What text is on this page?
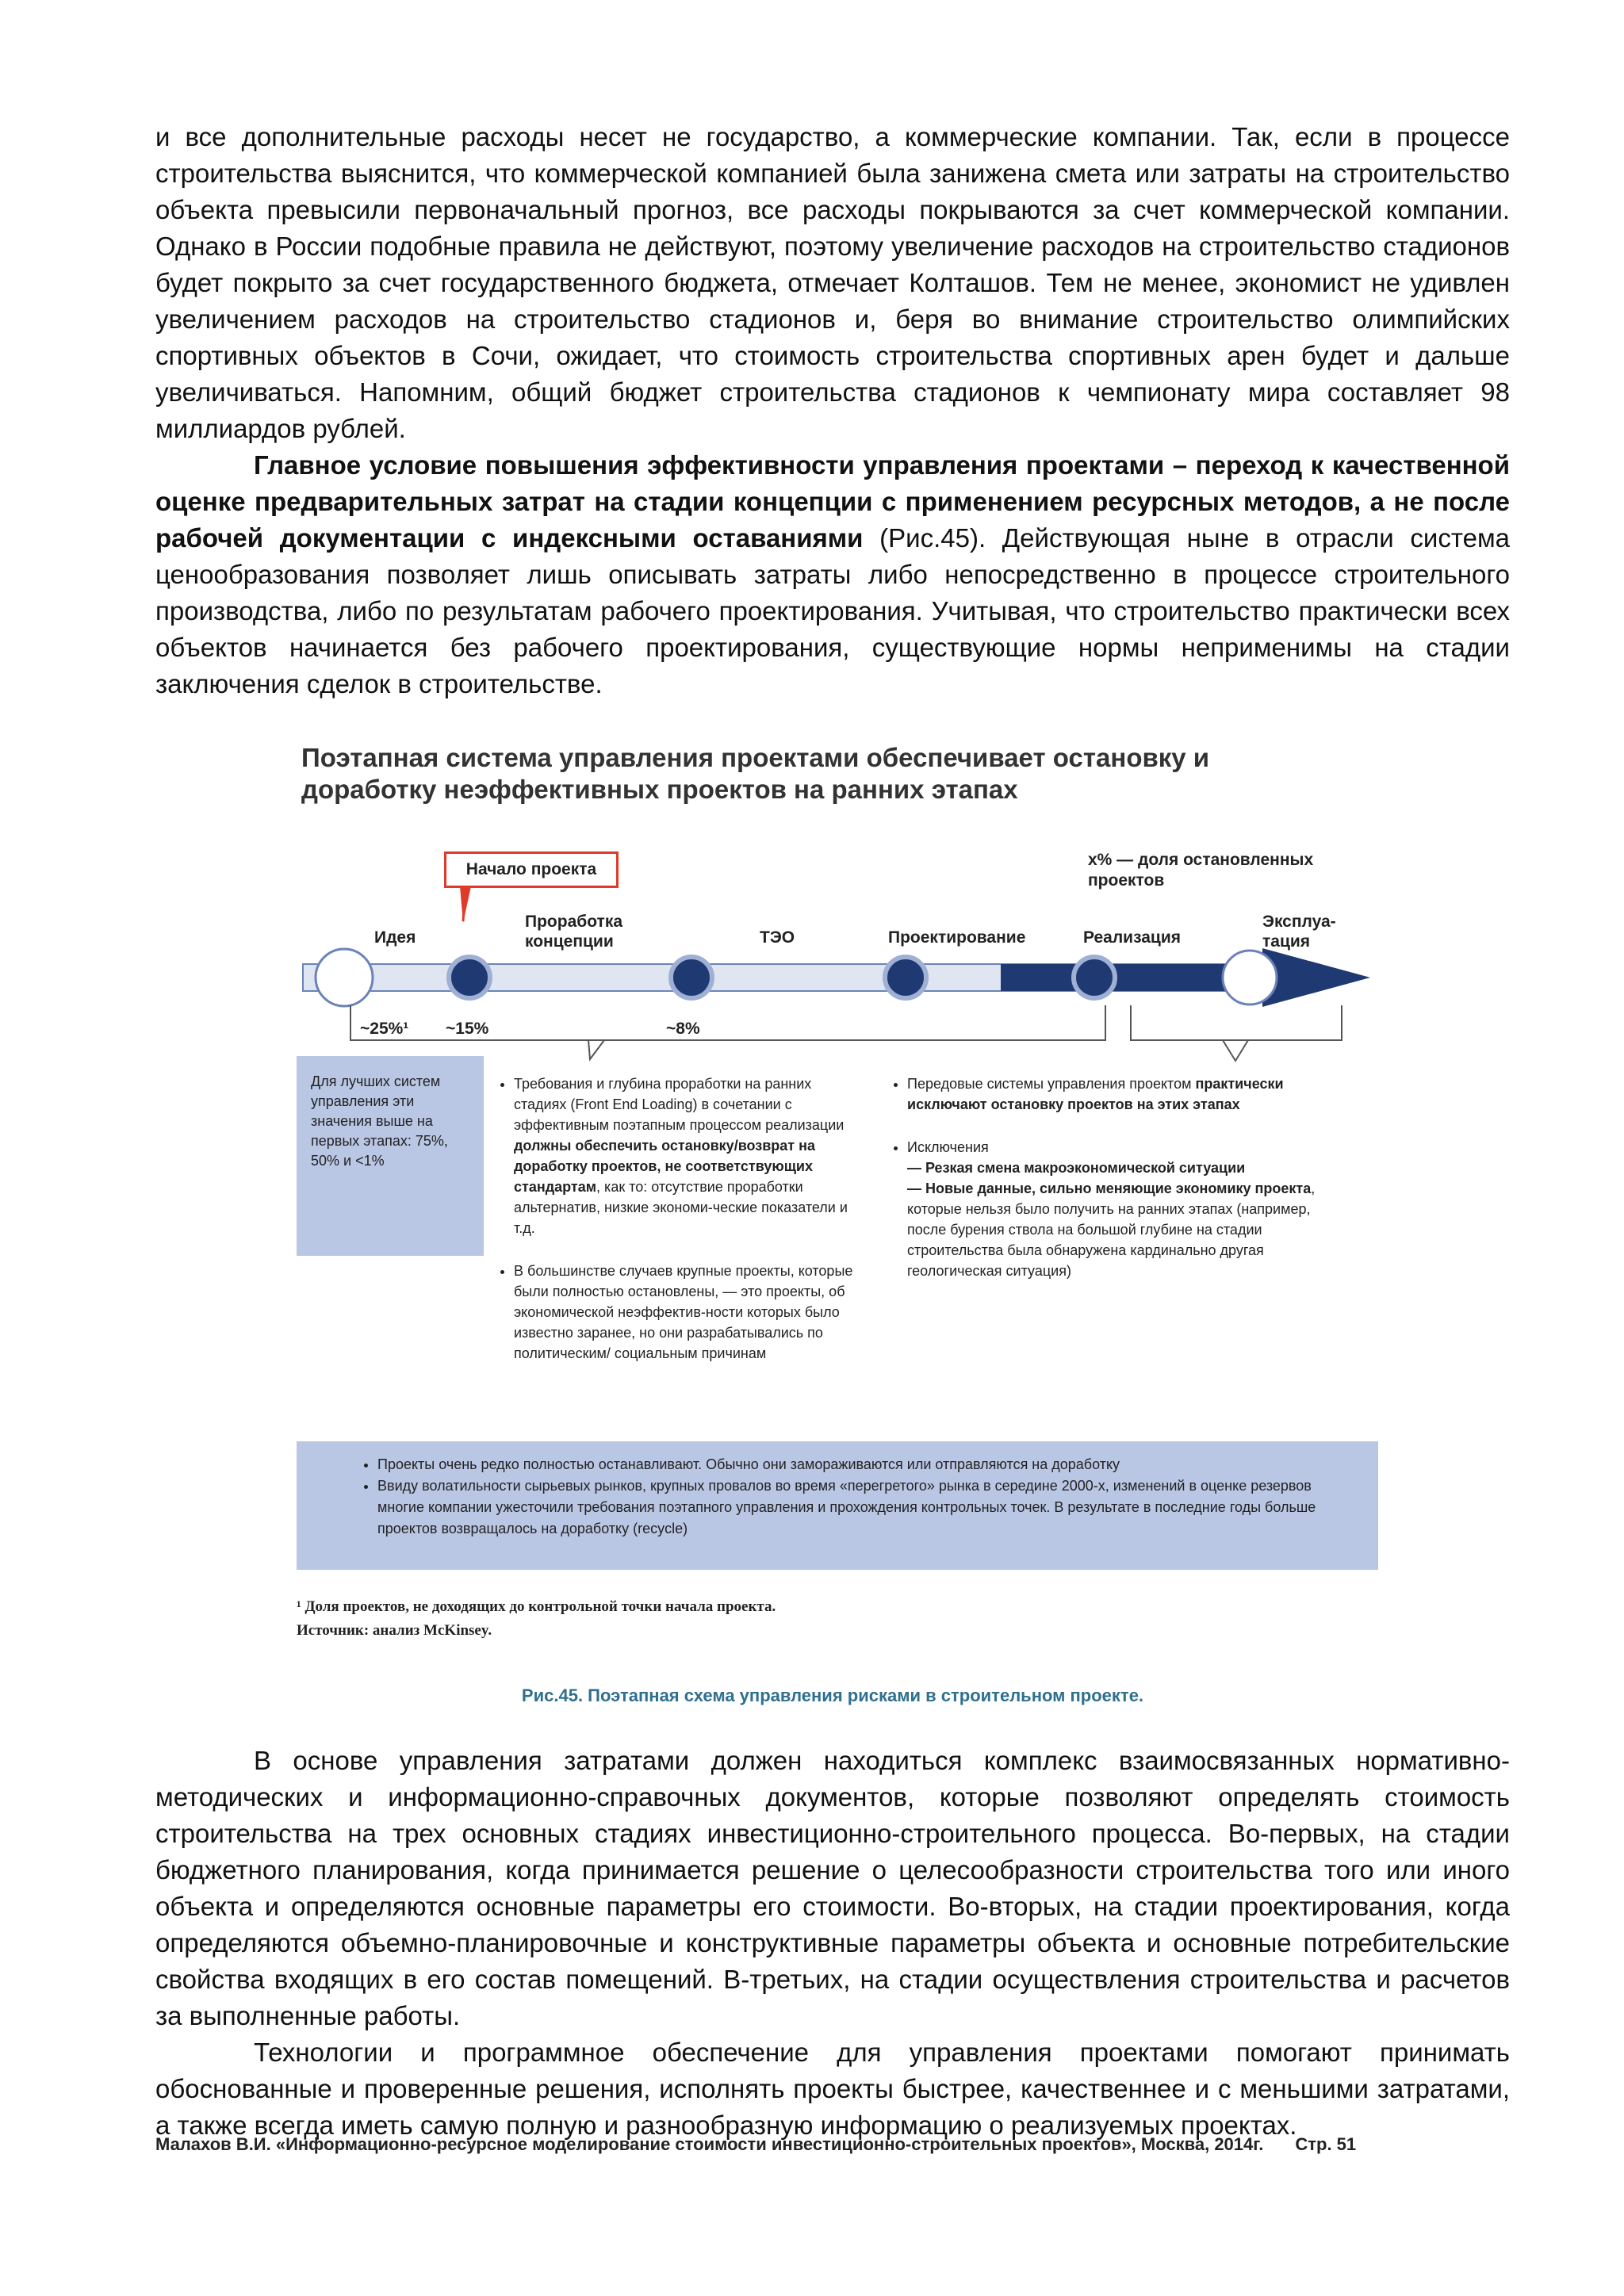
и все дополнительные расходы несет не государство, а коммерческие компании. Так, если в процессе строительства выяснится, что коммерческой компанией была занижена смета или затраты на строительство объекта превысили первоначальный прогноз, все расходы покрываются за счет коммерческой компании. Однако в России подобные правила не действуют, поэтому увеличение расходов на строительство стадионов будет покрыто за счет государственного бюджета, отмечает Колташов. Тем не менее, экономист не удивлен увеличением расходов на строительство стадионов и, беря во внимание строительство олимпийских спортивных объектов в Сочи, ожидает, что стоимость строительства спортивных арен будет и дальше увеличиваться. Напомним, общий бюджет строительства стадионов к чемпионату мира составляет 98 миллиардов рублей.

Главное условие повышения эффективности управления проектами – переход к качественной оценке предварительных затрат на стадии концепции с применением ресурсных методов, а не после рабочей документации с индексными оставаниями (Рис.45). Действующая ныне в отрасли система ценообразования позволяет лишь описывать затраты либо непосредственно в процессе строительного производства, либо по результатам рабочего проектирования. Учитывая, что строительство практически всех объектов начинается без рабочего проектирования, существующие нормы неприменимы на стадии заключения сделок в строительстве.

Поэтапная система управления проектами обеспечивает остановку и доработку неэффективных проектов на ранних этапах
x% — доля остановленных проектов
Начало проекта
Идея
Проработка концепции	ТЭО	Проектирование	Реализация
Эксплуа-тация
~25%¹ ~15%	~8%
Для лучших систем управления эти значения выше на первых этапах: 75%, 50% и <1%
• Требования и глубина проработки на ранних стадиях (Front End Loading) в сочетании с эффективным поэтапным процессом реализации должны обеспечить остановку/возврат на доработку проектов, не соответствующих стандартам, как то: отсутствие проработки альтернатив, низкие экономи-ческие показатели и т.д.
• В большинстве случаев крупные проекты, которые были полностью остановлены, — это проекты, об экономической неэффектив-ности которых было известно заранее, но они разрабатывались по политическим/ социальным причинам
• Передовые системы управления проектом практически исключают остановку проектов на этих этапах
• Исключения
— Резкая смена макроэкономической ситуации
— Новые данные, сильно меняющие экономику проекта, которые нельзя было получить на ранних этапах (например, после бурения ствола на большой глубине на стадии строительства была обнаружена кардинально другая геологическая ситуация)
• Проекты очень редко полностью останавливают. Обычно они замораживаются или отправляются на доработку
• Ввиду волатильности сырьевых рынков, крупных провалов во время «перегретого» рынка в середине 2000-х, изменений в оценке резервов многие компании ужесточили требования поэтапного управления и прохождения контрольных точек. В результате в последние годы больше проектов возвращалось на доработку (recycle)
¹ Доля проектов, не доходящих до контрольной точки начала проекта.
Источник: анализ McKinsey.
Рис.45. Поэтапная схема управления рисками в строительном проекте.

В основе управления затратами должен находиться комплекс взаимосвязанных нормативно-методических и информационно-справочных документов, которые позволяют определять стоимость строительства на трех основных стадиях инвестиционно-строительного процесса. Во-первых, на стадии бюджетного планирования, когда принимается решение о целесообразности строительства того или иного объекта и определяются основные параметры его стоимости. Во-вторых, на стадии проектирования, когда определяются объемно-планировочные и конструктивные параметры объекта и основные потребительские свойства входящих в его состав помещений. В-третьих, на стадии осуществления строительства и расчетов за выполненные работы.

Технологии и программное обеспечение для управления проектами помогают принимать обоснованные и проверенные решения, исполнять проекты быстрее, качественнее и с меньшими затратами, а также всегда иметь самую полную и разнообразную информацию о реализуемых проектах.

Малахов В.И. «Информационно-ресурсное моделирование стоимости инвестиционно-строительных проектов», Москва, 2014г. Стр. 51
